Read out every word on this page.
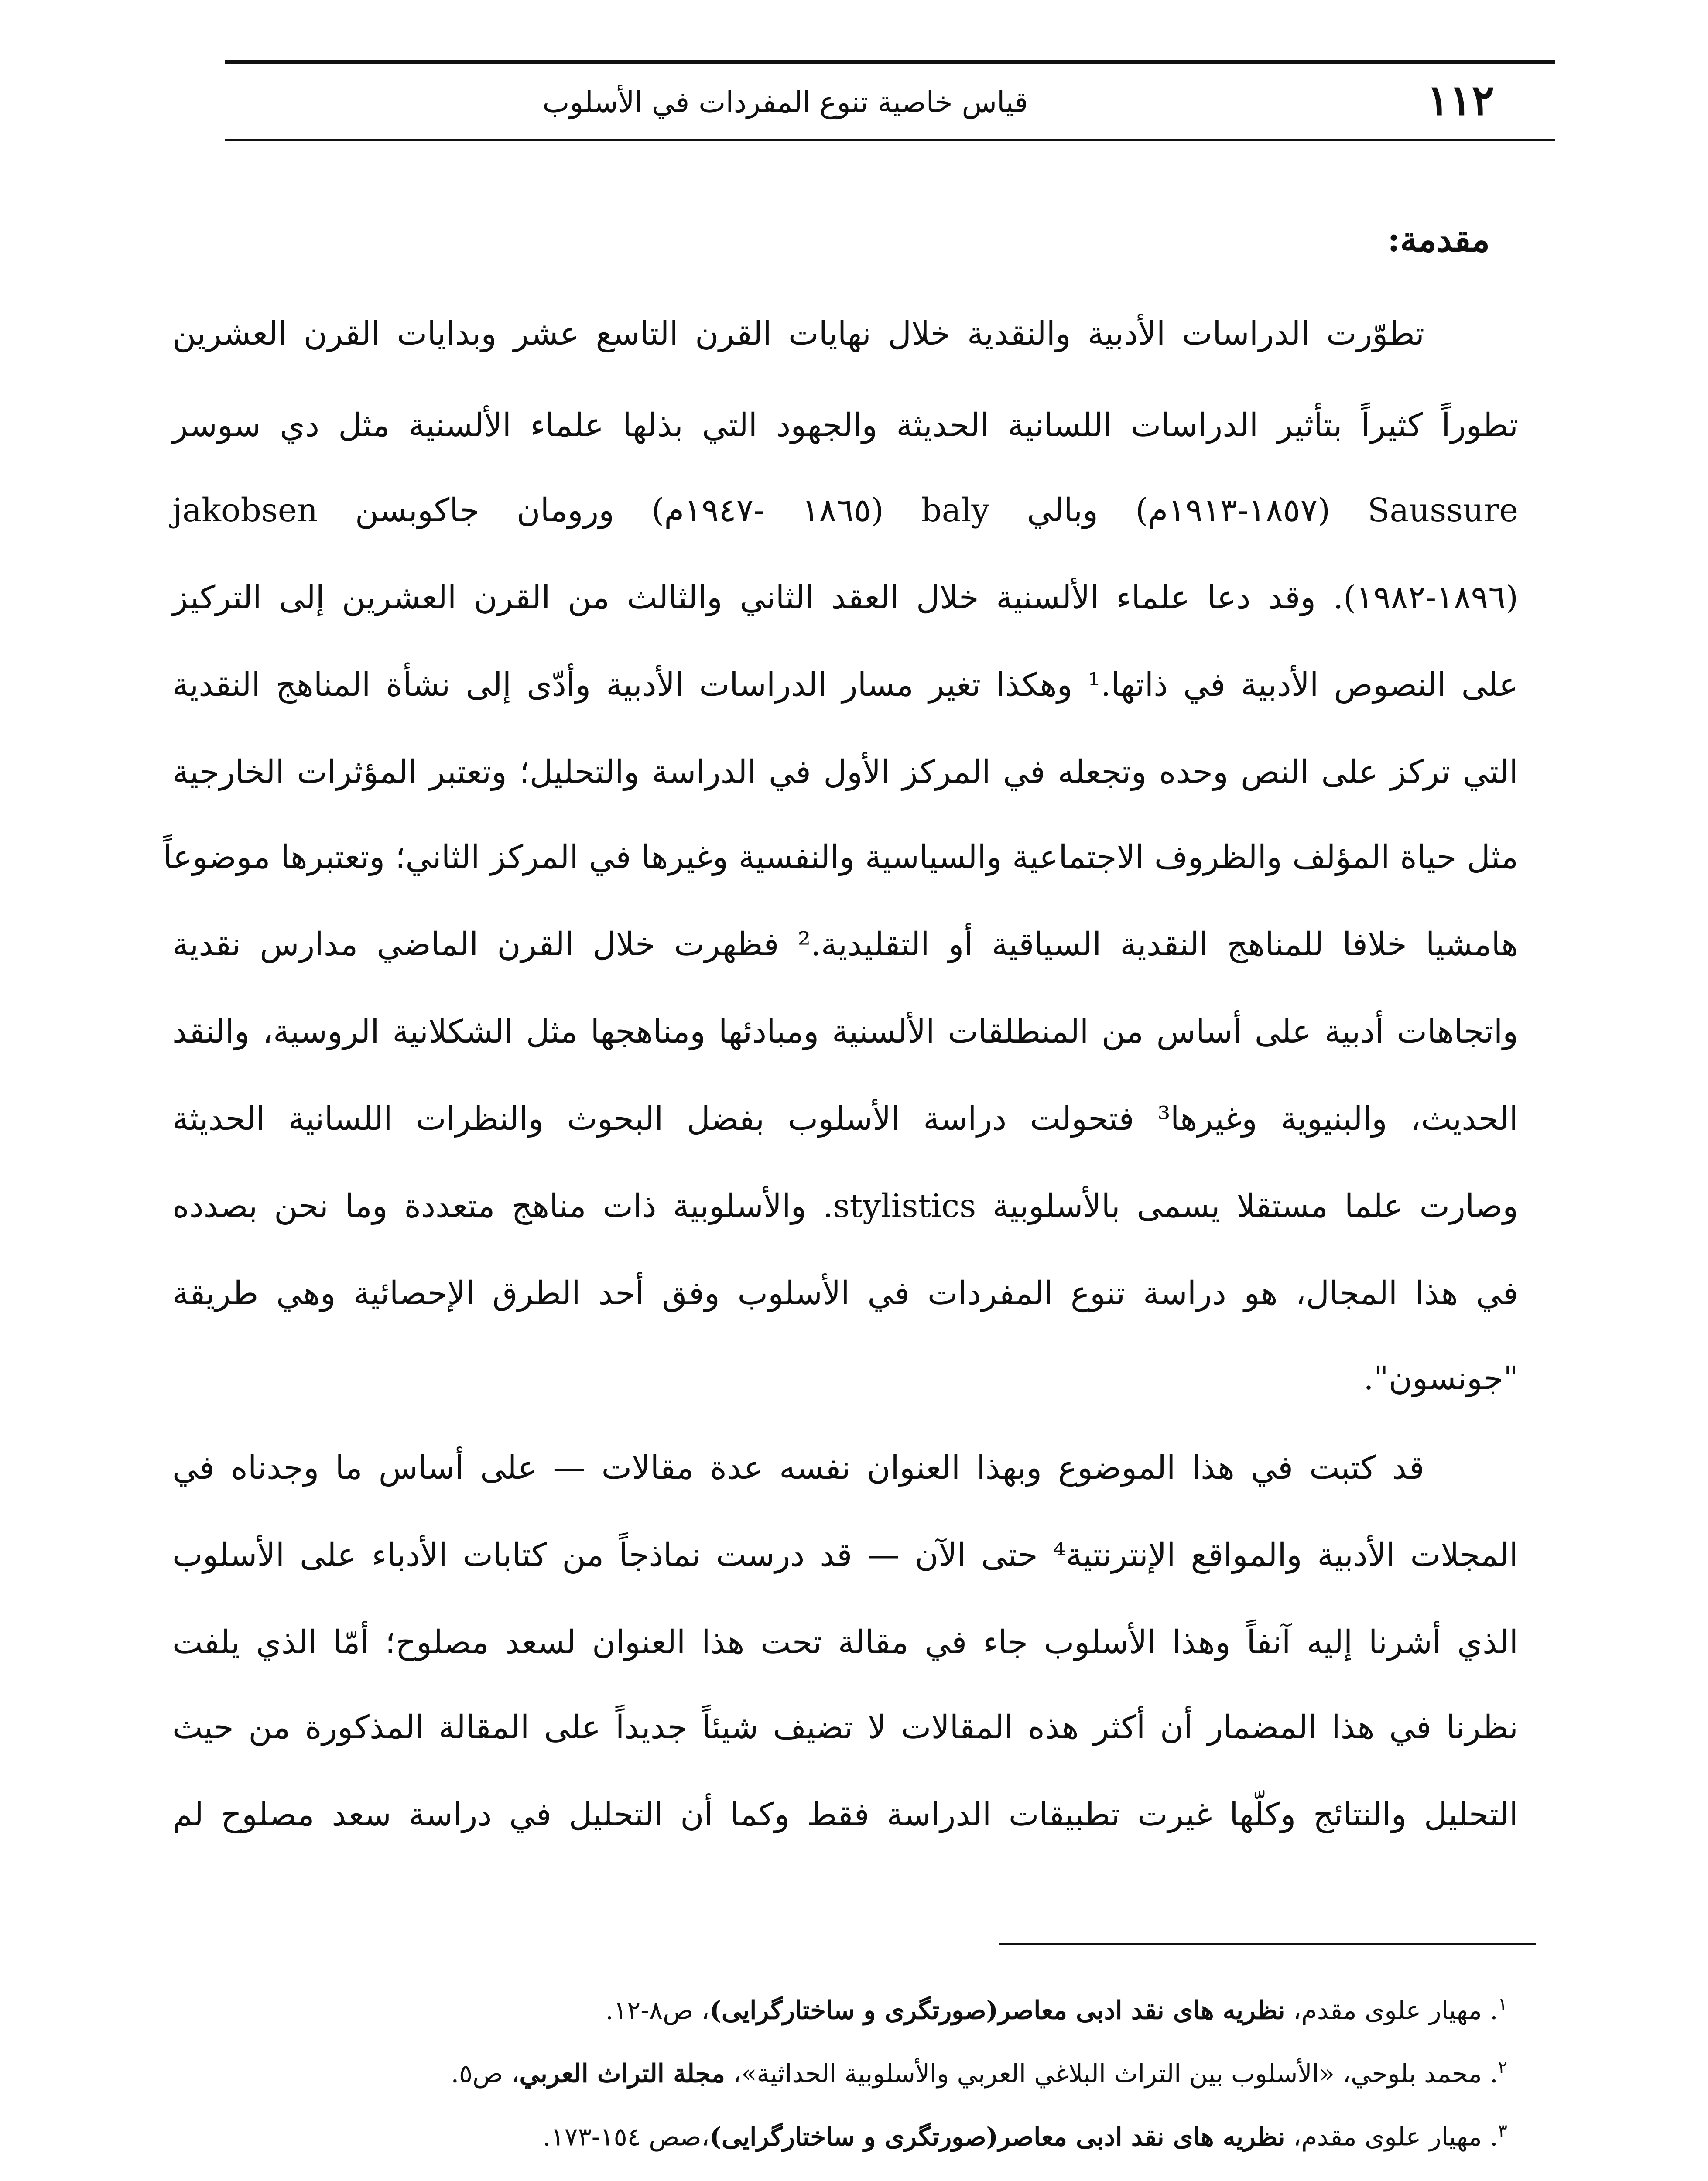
١١٢
قياس خاصية تنوع المفردات في الأسلوب
مقدمة:
تطوّرت الدراسات الأدبية والنقدية خلال نهايات القرن التاسع عشر وبدايات القرن العشرين
تطوراً كثيراً بتأثير الدراسات اللسانية الحديثة والجهود التي بذلها علماء الألسنية مثل دي سوسر
Saussure (١٨٥٧-١٩١٣م) وبالي baly (١٨٦٥ -١٩٤٧م) ورومان جاكوبسن jakobsen
(١٨٩٦-١٩٨٢). وقد دعا علماء الألسنية خلال العقد الثاني والثالث من القرن العشرين إلى التركيز
على النصوص الأدبية في ذاتها.¹ وهكذا تغير مسار الدراسات الأدبية وأدّى إلى نشأة المناهج النقدية
التي تركز على النص وحده وتجعله في المركز الأول في الدراسة والتحليل؛ وتعتبر المؤثرات الخارجية
مثل حياة المؤلف والظروف الاجتماعية والسياسية والنفسية وغيرها في المركز الثاني؛ وتعتبرها موضوعاً
هامشيا خلافا للمناهج النقدية السياقية أو التقليدية.² فظهرت خلال القرن الماضي مدارس نقدية
واتجاهات أدبية على أساس من المنطلقات الألسنية ومبادئها ومناهجها مثل الشكلانية الروسية، والنقد
الحديث، والبنيوية وغيرها³ فتحولت دراسة الأسلوب بفضل البحوث والنظرات اللسانية الحديثة
وصارت علما مستقلا يسمى بالأسلوبية stylistics. والأسلوبية ذات مناهج متعددة وما نحن بصدده
في هذا المجال، هو دراسة تنوع المفردات في الأسلوب وفق أحد الطرق الإحصائية وهي طريقة
"جونسون".
قد كتبت في هذا الموضوع وبهذا العنوان نفسه عدة مقالات — على أساس ما وجدناه في
المجلات الأدبية والمواقع الإنترنتية⁴ حتى الآن — قد درست نماذجاً من كتابات الأدباء على الأسلوب
الذي أشرنا إليه آنفاً وهذا الأسلوب جاء في مقالة تحت هذا العنوان لسعد مصلوح؛ أمّا الذي يلفت
نظرنا في هذا المضمار أن أكثر هذه المقالات لا تضيف شيئاً جديداً على المقالة المذكورة من حيث
التحليل والنتائج وكلّها غيرت تطبيقات الدراسة فقط وكما أن التحليل في دراسة سعد مصلوح لم
$^١$. مهيار علوى مقدم، نظريه هاى نقد ادبى معاصر(صورتگرى و ساختارگرايى)، ص٨-١٢.
$^٢$. محمد بلوحي، «الأسلوب بين التراث البلاغي العربي والأسلوبية الحداثية»، مجلة التراث العربي، ص٥.
$^٣$. مهيار علوى مقدم، نظريه هاى نقد ادبى معاصر(صورتگرى و ساختارگرايى)،صص ١٥٤-١٧٣.
